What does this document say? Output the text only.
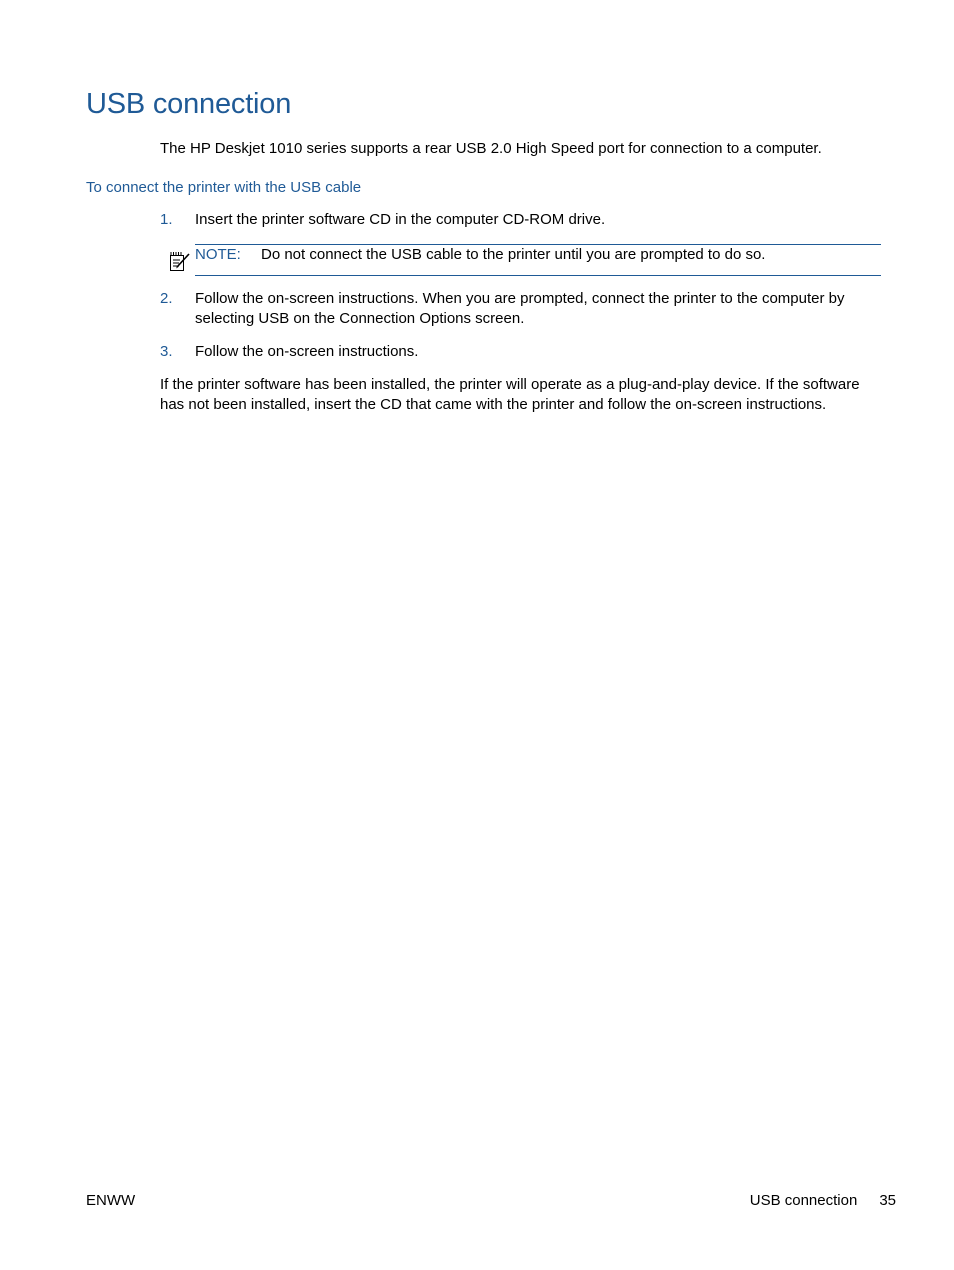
USB connection

The HP Deskjet 1010 series supports a rear USB 2.0 High Speed port for connection to a computer.

To connect the printer with the USB cable
1. Insert the printer software CD in the computer CD-ROM drive.
NOTE: Do not connect the USB cable to the printer until you are prompted to do so.
2. Follow the on-screen instructions. When you are prompted, connect the printer to the computer by selecting USB on the Connection Options screen.
3. Follow the on-screen instructions.

If the printer software has been installed, the printer will operate as a plug-and-play device. If the software has not been installed, insert the CD that came with the printer and follow the on-screen instructions.

ENWW	USB connection 35
